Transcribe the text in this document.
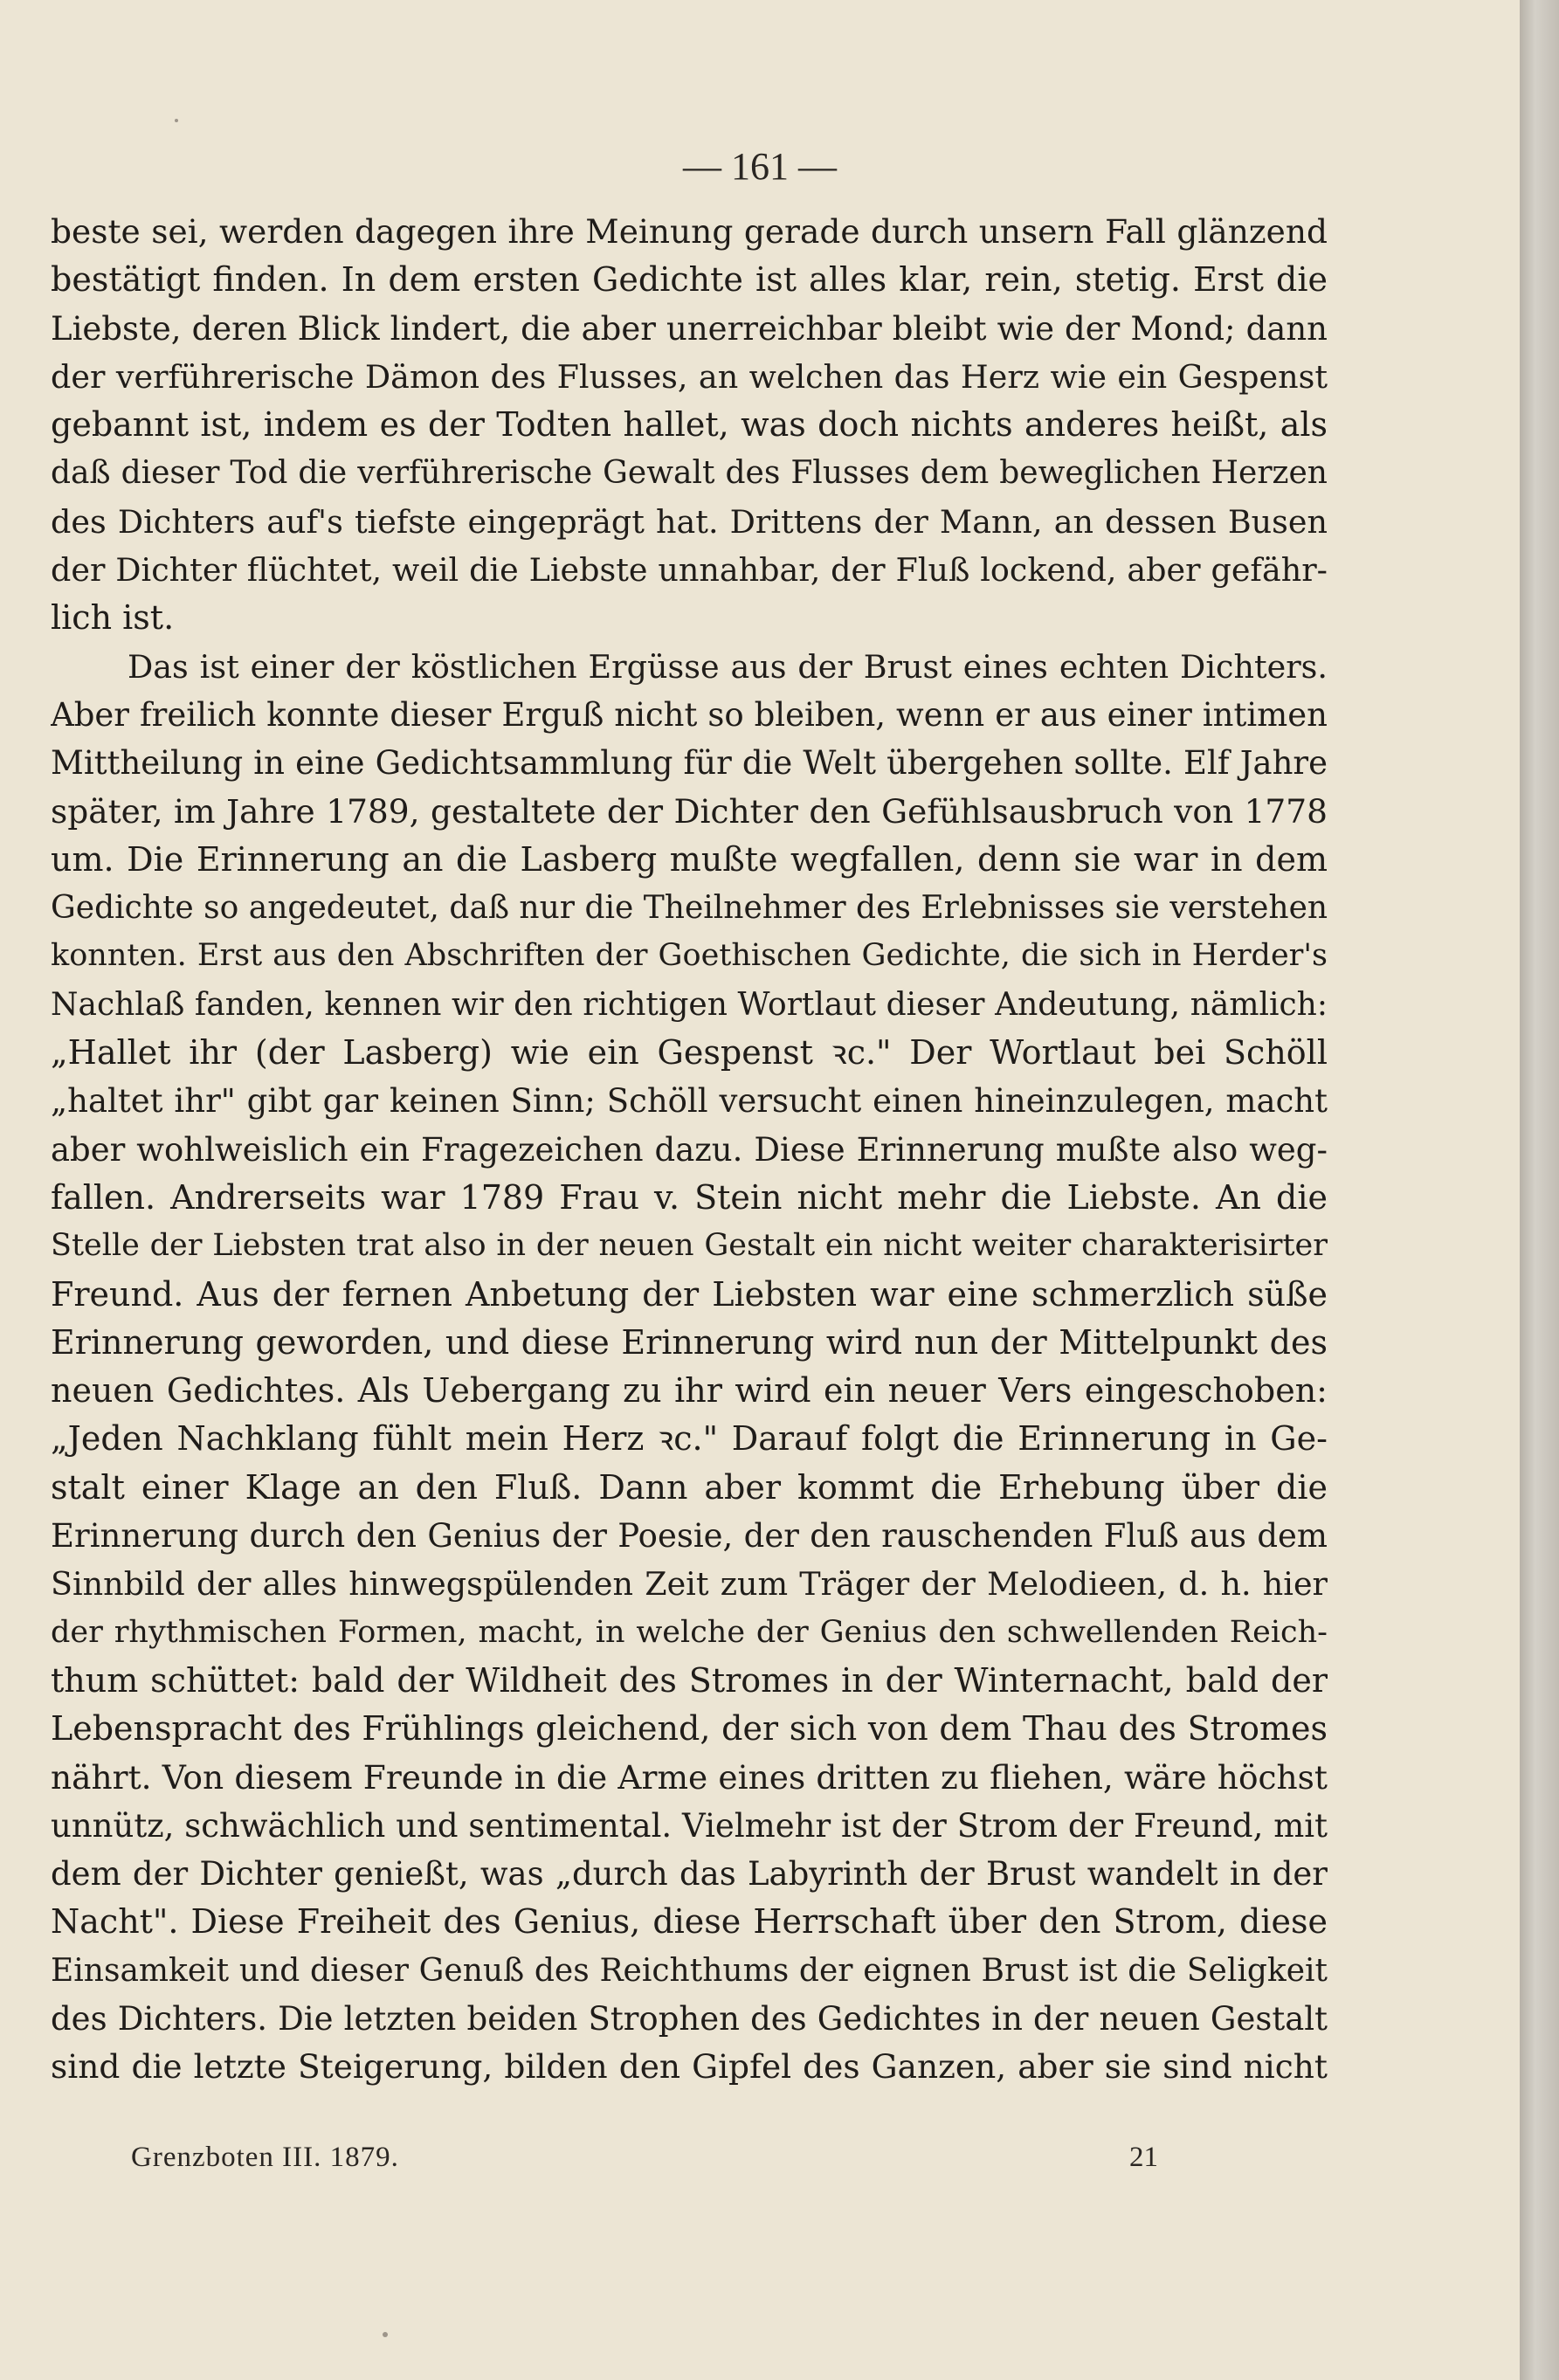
— 161 —
beste sei, werden dagegen ihre Meinung gerade durch unsern Fall glänzend
bestätigt finden. In dem ersten Gedichte ist alles klar, rein, stetig. Erst die
Liebste, deren Blick lindert, die aber unerreichbar bleibt wie der Mond; dann
der verführerische Dämon des Flusses, an welchen das Herz wie ein Gespenst
gebannt ist, indem es der Todten hallet, was doch nichts anderes heißt, als
daß dieser Tod die verführerische Gewalt des Flusses dem beweglichen Herzen
des Dichters auf's tiefste eingeprägt hat. Drittens der Mann, an dessen Busen
der Dichter flüchtet, weil die Liebste unnahbar, der Fluß lockend, aber gefähr-
lich ist.
Das ist einer der köstlichen Ergüsse aus der Brust eines echten Dichters.
Aber freilich konnte dieser Erguß nicht so bleiben, wenn er aus einer intimen
Mittheilung in eine Gedichtsammlung für die Welt übergehen sollte. Elf Jahre
später, im Jahre 1789, gestaltete der Dichter den Gefühlsausbruch von 1778
um. Die Erinnerung an die Lasberg mußte wegfallen, denn sie war in dem
Gedichte so angedeutet, daß nur die Theilnehmer des Erlebnisses sie verstehen
konnten. Erst aus den Abschriften der Goethischen Gedichte, die sich in Herder's
Nachlaß fanden, kennen wir den richtigen Wortlaut dieser Andeutung, nämlich:
„Hallet ihr (der Lasberg) wie ein Gespenst ꝛc." Der Wortlaut bei Schöll
„haltet ihr" gibt gar keinen Sinn; Schöll versucht einen hineinzulegen, macht
aber wohlweislich ein Fragezeichen dazu. Diese Erinnerung mußte also weg-
fallen. Andrerseits war 1789 Frau v. Stein nicht mehr die Liebste. An die
Stelle der Liebsten trat also in der neuen Gestalt ein nicht weiter charakterisirter
Freund. Aus der fernen Anbetung der Liebsten war eine schmerzlich süße
Erinnerung geworden, und diese Erinnerung wird nun der Mittelpunkt des
neuen Gedichtes. Als Uebergang zu ihr wird ein neuer Vers eingeschoben:
„Jeden Nachklang fühlt mein Herz ꝛc." Darauf folgt die Erinnerung in Ge-
stalt einer Klage an den Fluß. Dann aber kommt die Erhebung über die
Erinnerung durch den Genius der Poesie, der den rauschenden Fluß aus dem
Sinnbild der alles hinwegspülenden Zeit zum Träger der Melodieen, d. h. hier
der rhythmischen Formen, macht, in welche der Genius den schwellenden Reich-
thum schüttet: bald der Wildheit des Stromes in der Winternacht, bald der
Lebenspracht des Frühlings gleichend, der sich von dem Thau des Stromes
nährt. Von diesem Freunde in die Arme eines dritten zu fliehen, wäre höchst
unnütz, schwächlich und sentimental. Vielmehr ist der Strom der Freund, mit
dem der Dichter genießt, was „durch das Labyrinth der Brust wandelt in der
Nacht". Diese Freiheit des Genius, diese Herrschaft über den Strom, diese
Einsamkeit und dieser Genuß des Reichthums der eignen Brust ist die Seligkeit
des Dichters. Die letzten beiden Strophen des Gedichtes in der neuen Gestalt
sind die letzte Steigerung, bilden den Gipfel des Ganzen, aber sie sind nicht
Grenzboten III. 1879.	21
